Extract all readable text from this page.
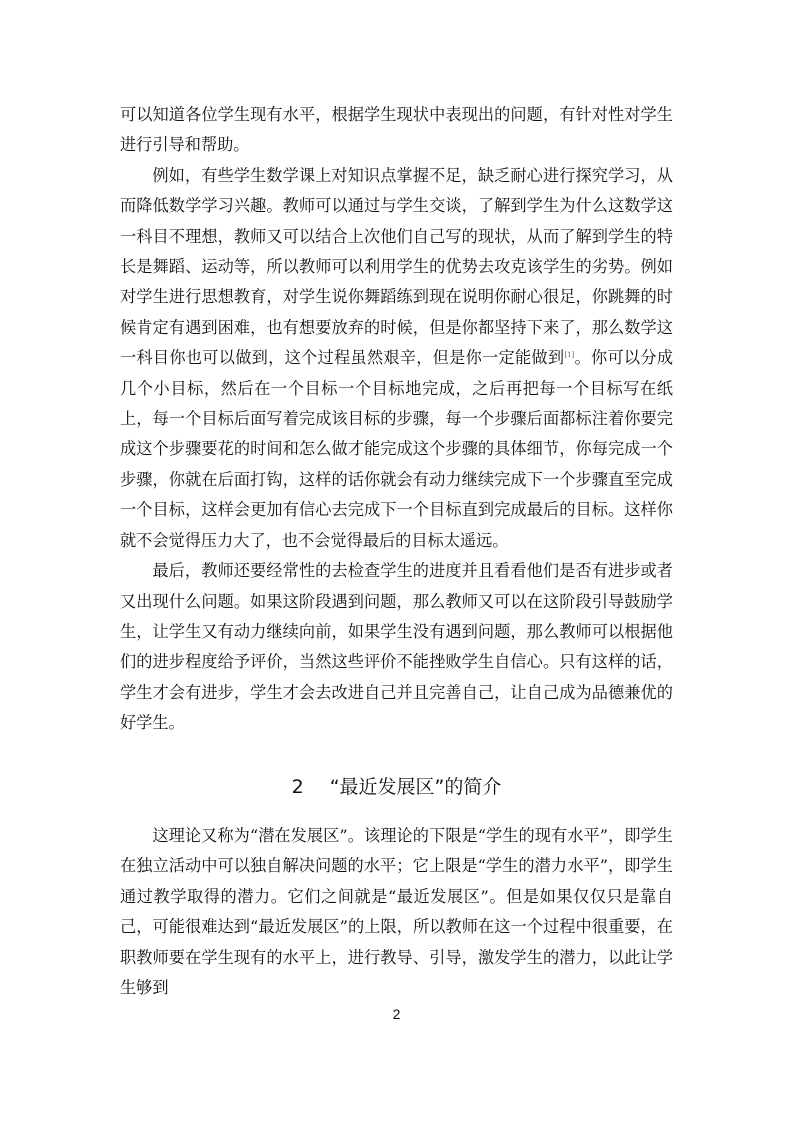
可以知道各位学生现有水平，根据学生现状中表现出的问题，有针对性对学生进行引导和帮助。

例如，有些学生数学课上对知识点掌握不足，缺乏耐心进行探究学习，从而降低数学学习兴趣。教师可以通过与学生交谈，了解到学生为什么这数学这一科目不理想，教师又可以结合上次他们自己写的现状，从而了解到学生的特长是舞蹈、运动等，所以教师可以利用学生的优势去攻克该学生的劣势。例如对学生进行思想教育，对学生说你舞蹈练到现在说明你耐心很足，你跳舞的时候肯定有遇到困难，也有想要放弃的时候，但是你都坚持下来了，那么数学这一科目你也可以做到，这个过程虽然艰辛，但是你一定能做到[1]。你可以分成几个小目标，然后在一个目标一个目标地完成，之后再把每一个目标写在纸上，每一个目标后面写着完成该目标的步骤，每一个步骤后面都标注着你要完成这个步骤要花的时间和怎么做才能完成这个步骤的具体细节，你每完成一个步骤，你就在后面打钩，这样的话你就会有动力继续完成下一个步骤直至完成一个目标，这样会更加有信心去完成下一个目标直到完成最后的目标。这样你就不会觉得压力大了，也不会觉得最后的目标太遥远。

最后，教师还要经常性的去检查学生的进度并且看看他们是否有进步或者又出现什么问题。如果这阶段遇到问题，那么教师又可以在这阶段引导鼓励学生，让学生又有动力继续向前，如果学生没有遇到问题，那么教师可以根据他们的进步程度给予评价，当然这些评价不能挫败学生自信心。只有这样的话，学生才会有进步，学生才会去改进自己并且完善自己，让自己成为品德兼优的好学生。

2 “最近发展区”的简介

这理论又称为“潜在发展区”。该理论的下限是“学生的现有水平”，即学生在独立活动中可以独自解决问题的水平；它上限是“学生的潜力水平”，即学生通过教学取得的潜力。它们之间就是“最近发展区”。但是如果仅仅只是靠自己，可能很难达到“最近发展区”的上限，所以教师在这一个过程中很重要，在职教师要在学生现有的水平上，进行教导、引导，激发学生的潜力，以此让学生够到

2
